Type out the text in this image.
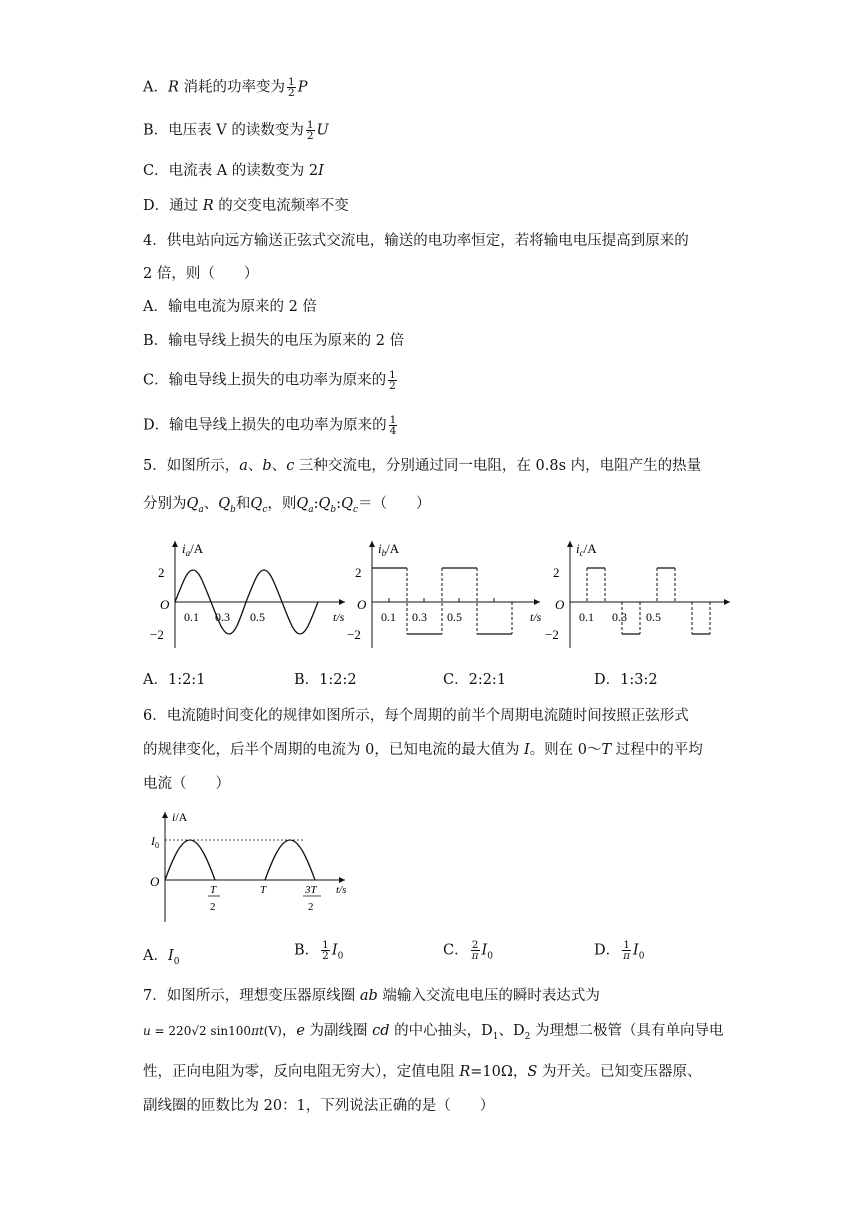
A．R 消耗的功率变为 $\frac{1}{2}$ P
B．电压表 V 的读数变为 $\frac{1}{2}$ U
C．电流表 A 的读数变为 2I
D．通过 R 的交变电流频率不变
4．供电站向远方输送正弦式交流电，输送的电功率恒定，若将输电电压提高到原来的
2 倍，则（　　）
A．输电电流为原来的 2 倍
B．输电导线上损失的电压为原来的 2 倍
C．输电导线上损失的电功率为原来的 $\frac{1}{2}$
D．输电导线上损失的电功率为原来的 $\frac{1}{4}$
5．如图所示，a、b、c 三种交流电，分别通过同一电阻，在 0.8s 内，电阻产生的热量
分别为$Q_a$、$Q_b$和$Q_c$，则$Q_a:Q_b:Q_c=$（　　）
$i_a/A$
2
−2
O
0.1 0.3 0.5	t/s
$i_b/A$
2
−2
O
0.1 0.3 0.5	t/s
$i_c/A$
2
−2
O
0.1 0.3 0.5
A．1:2:1	B．1:2:2	C．2:2:1	D．1:3:2
6．电流随时间变化的规律如图所示，每个周期的前半个周期电流随时间按照正弦形式
的规律变化，后半个周期的电流为 0，已知电流的最大值为 I。则在 0～T 过程中的平均
电流（　　）
i/A
$I_0$
O
T
2
T	3T
2
t/s
A．$I_0$
B． $\frac{1}{2} I_0$	C． $\frac{2}{\pi} I_0$	D． $\frac{1}{\pi} I_0$
7．如图所示，理想变压器原线圈 ab 端输入交流电电压的瞬时表达式为
u = 220√2 sin100πt(V)，e 为副线圈 cd 的中心抽头，$D_1$、$D_2$ 为理想二极管（具有单向导电
性，正向电阻为零，反向电阻无穷大），定值电阻 R=10Ω，S 为开关。已知变压器原、
副线圈的匝数比为 20：1，下列说法正确的是（　　）
